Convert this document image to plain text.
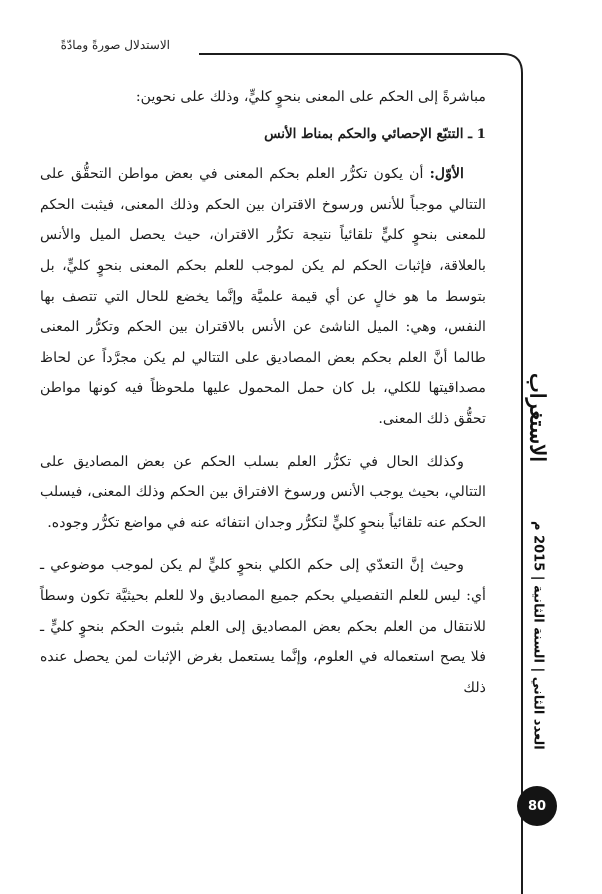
الاستدلال صورةً ومادّةً

مباشرةً إلى الحكم على المعنى بنحوٍ كليٍّ، وذلك على نحوين:

1 ـ التتبّع الإحصائي والحكم بمناط الأنس

الأوّل: أن يكون تكرُّر العلم بحكم المعنى في بعض مواطن التحقُّق على التتالي موجباً للأنس ورسوخ الاقتران بين الحكم وذلك المعنى، فيثبت الحكم للمعنى بنحوٍ كليٍّ تلقائياً نتيجة تكرُّر الاقتران، حيث يحصل الميل والأنس بالعلاقة، فإثبات الحكم لم يكن لموجب للعلم بحكم المعنى بنحوٍ كليٍّ، بل بتوسط ما هو خالٍ عن أي قيمة علميَّة وإنَّما يخضع للحال التي تتصف بها النفس، وهي: الميل الناشئ عن الأنس بالاقتران بين الحكم وتكرُّر المعنى طالما أنَّ العلم بحكم بعض المصاديق على التتالي لم يكن مجرَّداً عن لحاظ مصداقيتها للكلي، بل كان حمل المحمول عليها ملحوظاً فيه كونها مواطن تحقُّق ذلك المعنى.

وكذلك الحال في تكرُّر العلم بسلب الحكم عن بعض المصاديق على التتالي، بحيث يوجب الأنس ورسوخ الافتراق بين الحكم وذلك المعنى، فيسلب الحكم عنه تلقائياً بنحوٍ كليٍّ لتكرُّر وجدان انتفائه عنه في مواضع تكرُّر وجوده.

وحيث إنَّ التعدّي إلى حكم الكلي بنحوٍ كليٍّ لم يكن لموجب موضوعي ـ أي: ليس للعلم التفصيلي بحكم جميع المصاديق ولا للعلم بحيثيَّة تكون وسطاً للانتقال من العلم بحكم بعض المصاديق إلى العلم بثبوت الحكم بنحوٍ كليٍّ ـ فلا يصح استعماله في العلوم، وإنَّما يستعمل بغرض الإثبات لمن يحصل عنده ذلك

الاستغراب
العدد الثاني | السنة الثانية | 2015 م
80
